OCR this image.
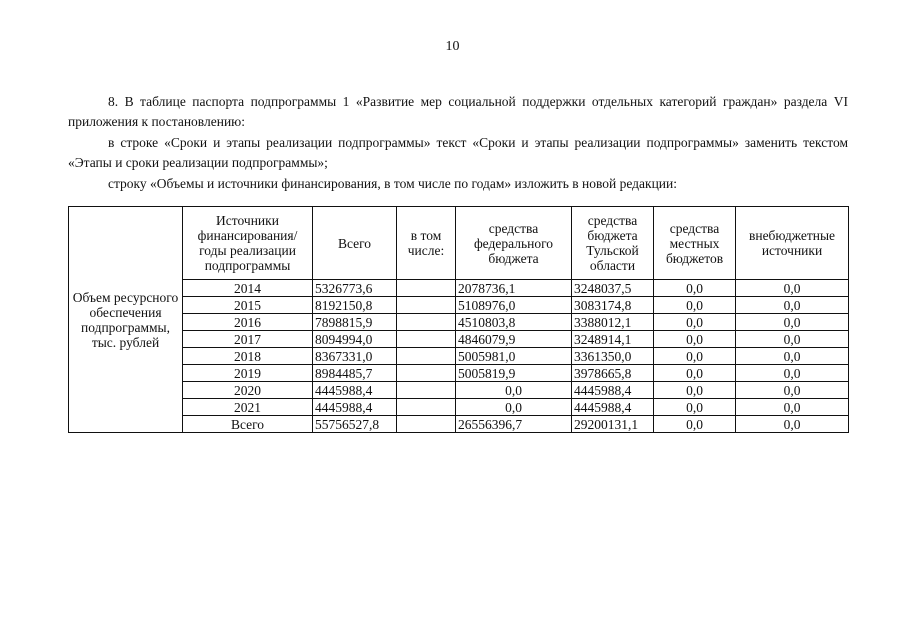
10

8. В таблице паспорта подпрограммы 1 «Развитие мер социальной поддержки отдельных категорий граждан» раздела VI приложения к постановлению:

в строке «Сроки и этапы реализации подпрограммы» текст «Сроки и этапы реализации подпрограммы» заменить текстом «Этапы и сроки реализации подпрограммы»;

строку «Объемы и источники финансирования, в том числе по годам» изложить в новой редакции:

Объем ресурсного обеспечения подпрограммы, тыс. рублей	Источники финансирования/ годы реализации подпрограммы	Всего	в том числе:	средства федерального бюджета	средства бюджета Тульской области	средства местных бюджетов	внебюджетные источники
	2014	5326773,6		2078736,1	3248037,5	0,0	0,0
	2015	8192150,8		5108976,0	3083174,8	0,0	0,0
	2016	7898815,9		4510803,8	3388012,1	0,0	0,0
	2017	8094994,0		4846079,9	3248914,1	0,0	0,0
	2018	8367331,0		5005981,0	3361350,0	0,0	0,0
	2019	8984485,7		5005819,9	3978665,8	0,0	0,0
	2020	4445988,4		0,0	4445988,4	0,0	0,0
	2021	4445988,4		0,0	4445988,4	0,0	0,0
	Всего	55756527,8		26556396,7	29200131,1	0,0	0,0
